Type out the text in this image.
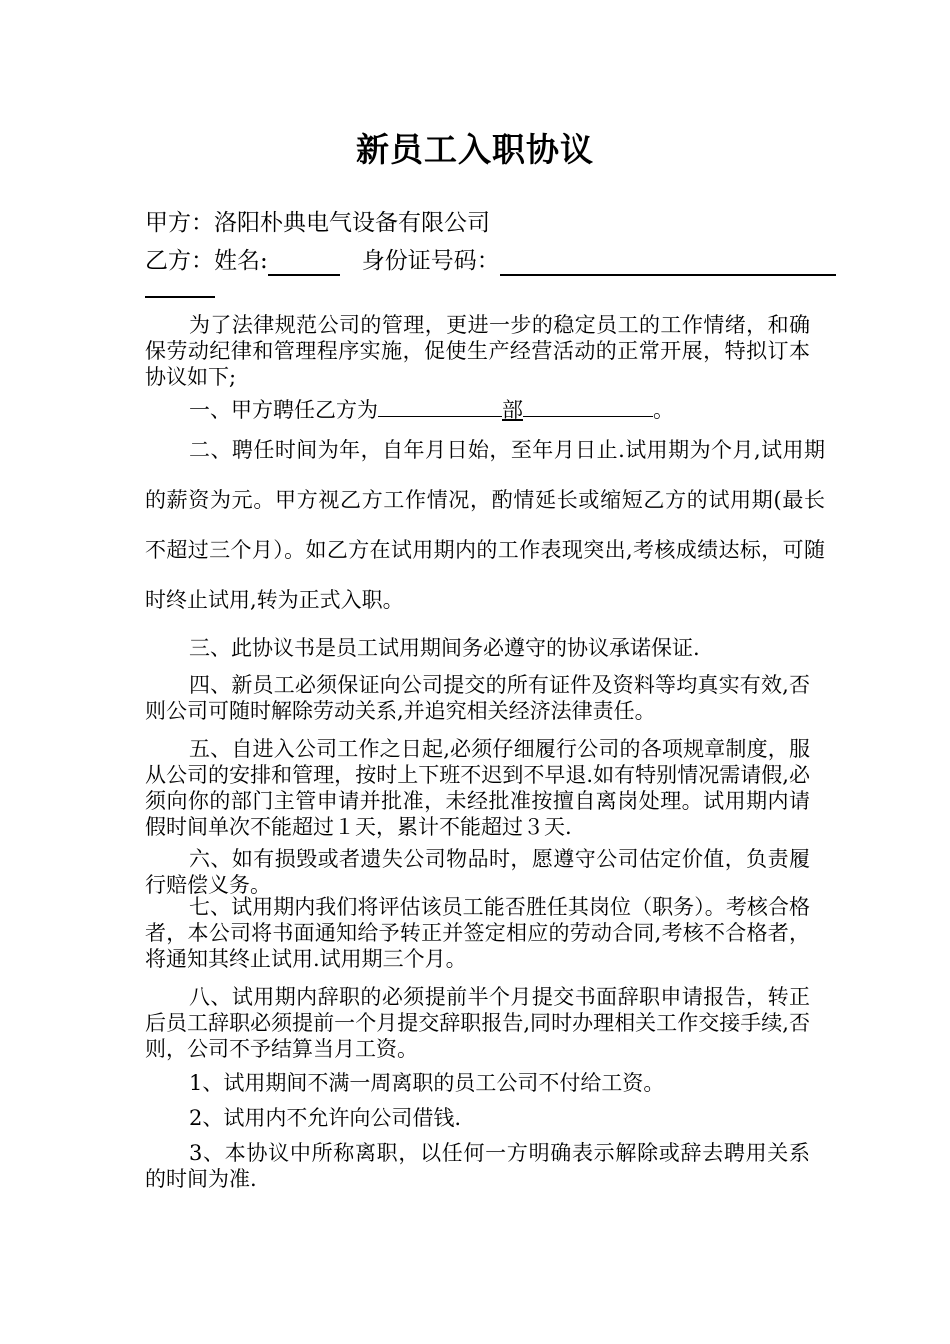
新员工入职协议
甲方：洛阳朴典电气设备有限公司
乙方：姓名:	身份证号码：
为了法律规范公司的管理，更进一步的稳定员工的工作情绪，和确保劳动纪律和管理程序实施，促使生产经营活动的正常开展，特拟订本协议如下;
一、甲方聘任乙方为	部	。
二、聘任时间为年，自年月日始，至年月日止.试用期为个月,试用期的薪资为元。甲方视乙方工作情况，酌情延长或缩短乙方的试用期(最长不超过三个月）。如乙方在试用期内的工作表现突出,考核成绩达标，可随时终止试用,转为正式入职。
三、此协议书是员工试用期间务必遵守的协议承诺保证.
四、新员工必须保证向公司提交的所有证件及资料等均真实有效,否则公司可随时解除劳动关系,并追究相关经济法律责任。
五、自进入公司工作之日起,必须仔细履行公司的各项规章制度，服从公司的安排和管理，按时上下班不迟到不早退.如有特别情况需请假,必须向你的部门主管申请并批准，未经批准按擅自离岗处理。试用期内请假时间单次不能超过１天，累计不能超过３天.
六、如有损毁或者遗失公司物品时，愿遵守公司估定价值，负责履行赔偿义务。
七、试用期内我们将评估该员工能否胜任其岗位（职务）。考核合格者，本公司将书面通知给予转正并签定相应的劳动合同,考核不合格者，将通知其终止试用.试用期三个月。
八、试用期内辞职的必须提前半个月提交书面辞职申请报告，转正后员工辞职必须提前一个月提交辞职报告,同时办理相关工作交接手续,否则，公司不予结算当月工资。
1、试用期间不满一周离职的员工公司不付给工资。
2、试用内不允许向公司借钱.
3、本协议中所称离职，以任何一方明确表示解除或辞去聘用关系的时间为准.
